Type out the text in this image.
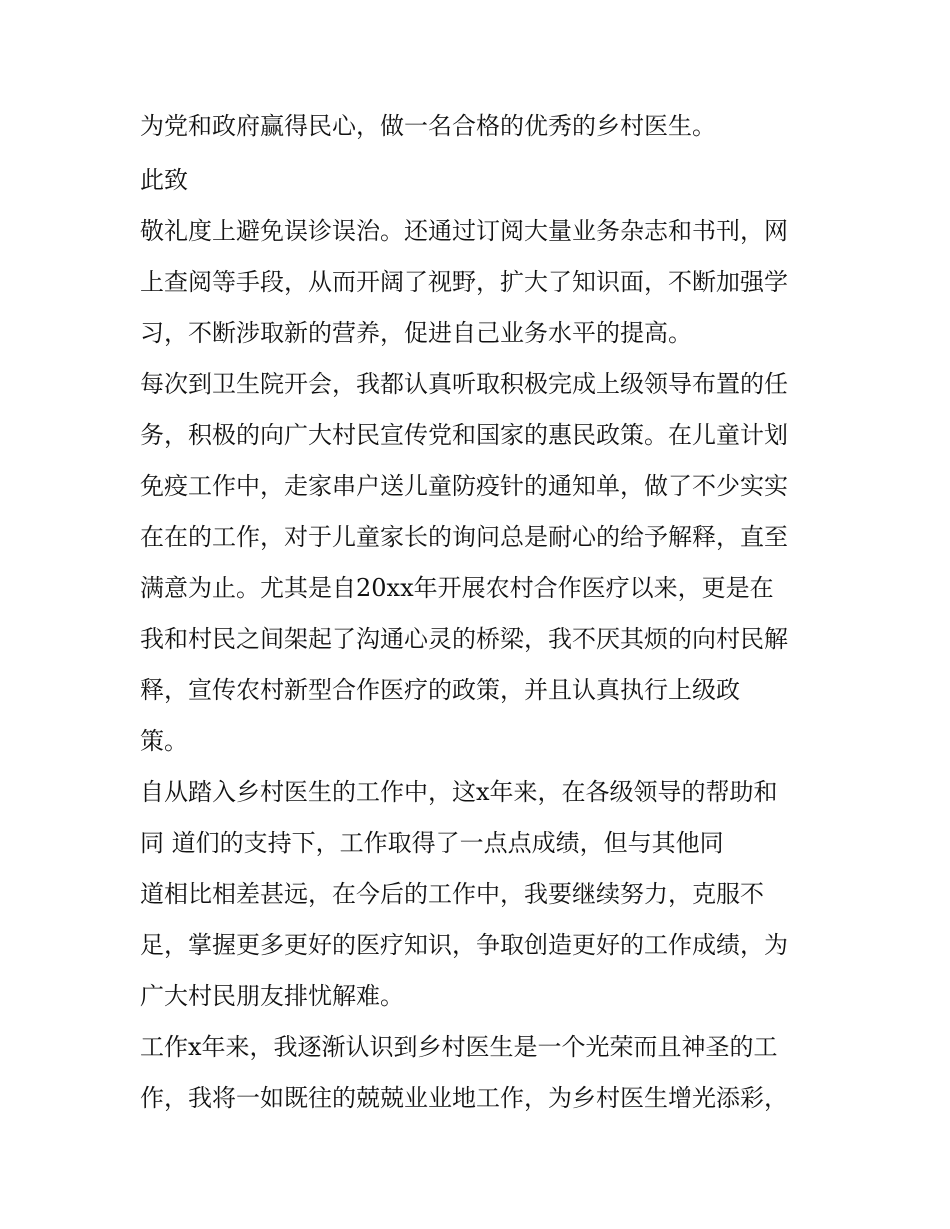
为党和政府赢得民心，做一名合格的优秀的乡村医生。
此致
敬礼度上避免误诊误治。还通过订阅大量业务杂志和书刊，网
上查阅等手段，从而开阔了视野，扩大了知识面，不断加强学
习，不断涉取新的营养，促进自己业务水平的提高。
每次到卫生院开会，我都认真听取积极完成上级领导布置的任
务，积极的向广大村民宣传党和国家的惠民政策。在儿童计划
免疫工作中，走家串户送儿童防疫针的通知单，做了不少实实
在在的工作，对于儿童家长的询问总是耐心的给予解释，直至
满意为止。尤其是自20xx年开展农村合作医疗以来，更是在
我和村民之间架起了沟通心灵的桥梁，我不厌其烦的向村民解
释，宣传农村新型合作医疗的政策，并且认真执行上级政
策。
自从踏入乡村医生的工作中，这x年来，在各级领导的帮助和
同 道们的支持下，工作取得了一点点成绩，但与其他同
道相比相差甚远，在今后的工作中，我要继续努力，克服不
足，掌握更多更好的医疗知识，争取创造更好的工作成绩，为
广大村民朋友排忧解难。
工作x年来，我逐渐认识到乡村医生是一个光荣而且神圣的工
作，我将一如既往的兢兢业业地工作，为乡村医生增光添彩，
